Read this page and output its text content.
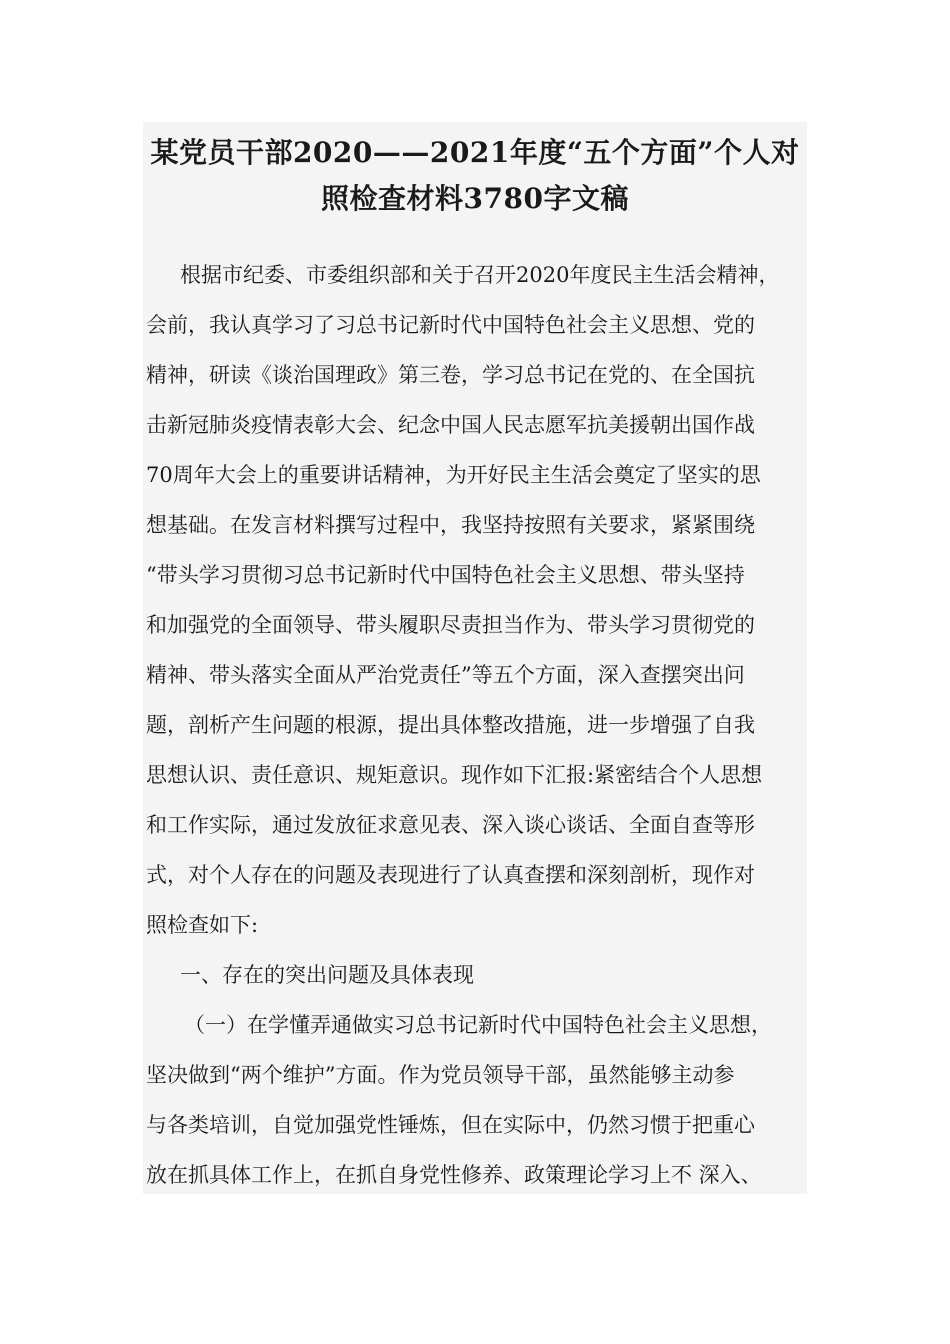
某党员干部2020——2021年度“五个方面”个人对
照检查材料3780字文稿
根据市纪委、市委组织部和关于召开2020年度民主生活会精神，
会前，我认真学习了习总书记新时代中国特色社会主义思想、党的
精神，研读《谈治国理政》第三卷，学习总书记在党的、在全国抗
击新冠肺炎疫情表彰大会、纪念中国人民志愿军抗美援朝出国作战
70周年大会上的重要讲话精神，为开好民主生活会奠定了坚实的思
想基础。在发言材料撰写过程中，我坚持按照有关要求，紧紧围绕
“带头学习贯彻习总书记新时代中国特色社会主义思想、带头坚持
和加强党的全面领导、带头履职尽责担当作为、带头学习贯彻党的
精神、带头落实全面从严治党责任”等五个方面，深入查摆突出问
题，剖析产生问题的根源，提出具体整改措施，进一步增强了自我
思想认识、责任意识、规矩意识。现作如下汇报:紧密结合个人思想
和工作实际，通过发放征求意见表、深入谈心谈话、全面自查等形
式，对个人存在的问题及表现进行了认真查摆和深刻剖析，现作对
照检查如下:
一、存在的突出问题及具体表现
（一）在学懂弄通做实习总书记新时代中国特色社会主义思想，
坚决做到“两个维护”方面。作为党员领导干部，虽然能够主动参
与各类培训，自觉加强党性锤炼，但在实际中，仍然习惯于把重心
放在抓具体工作上，在抓自身党性修养、政策理论学习上不 深入、
